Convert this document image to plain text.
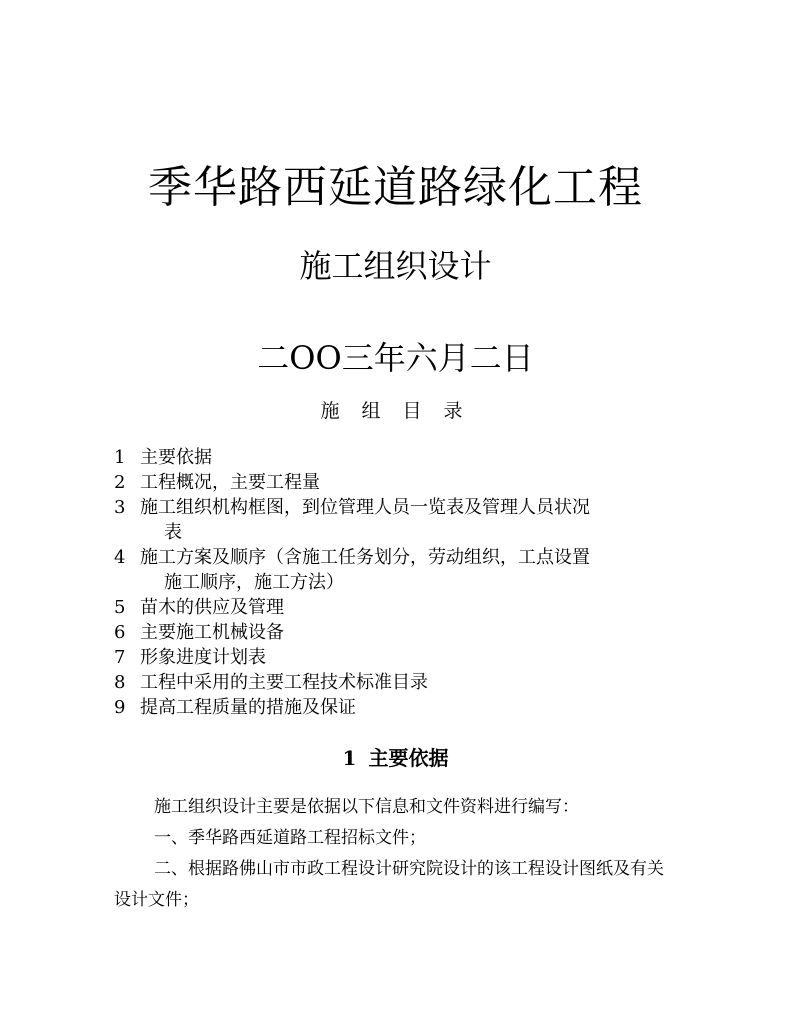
季华路西延道路绿化工程
施工组织设计
二OO三年六月二日
施 组 目 录
1 主要依据
2 工程概况，主要工程量
3 施工组织机构框图，到位管理人员一览表及管理人员状况
表
4 施工方案及顺序（含施工任务划分，劳动组织，工点设置
施工顺序，施工方法）
5 苗木的供应及管理
6 主要施工机械设备
7 形象进度计划表
8 工程中采用的主要工程技术标准目录
9 提高工程质量的措施及保证
1 主要依据

施工组织设计主要是依据以下信息和文件资料进行编写：

一、季华路西延道路工程招标文件；

二、根据路佛山市市政工程设计研究院设计的该工程设计图纸及有关设计文件；
